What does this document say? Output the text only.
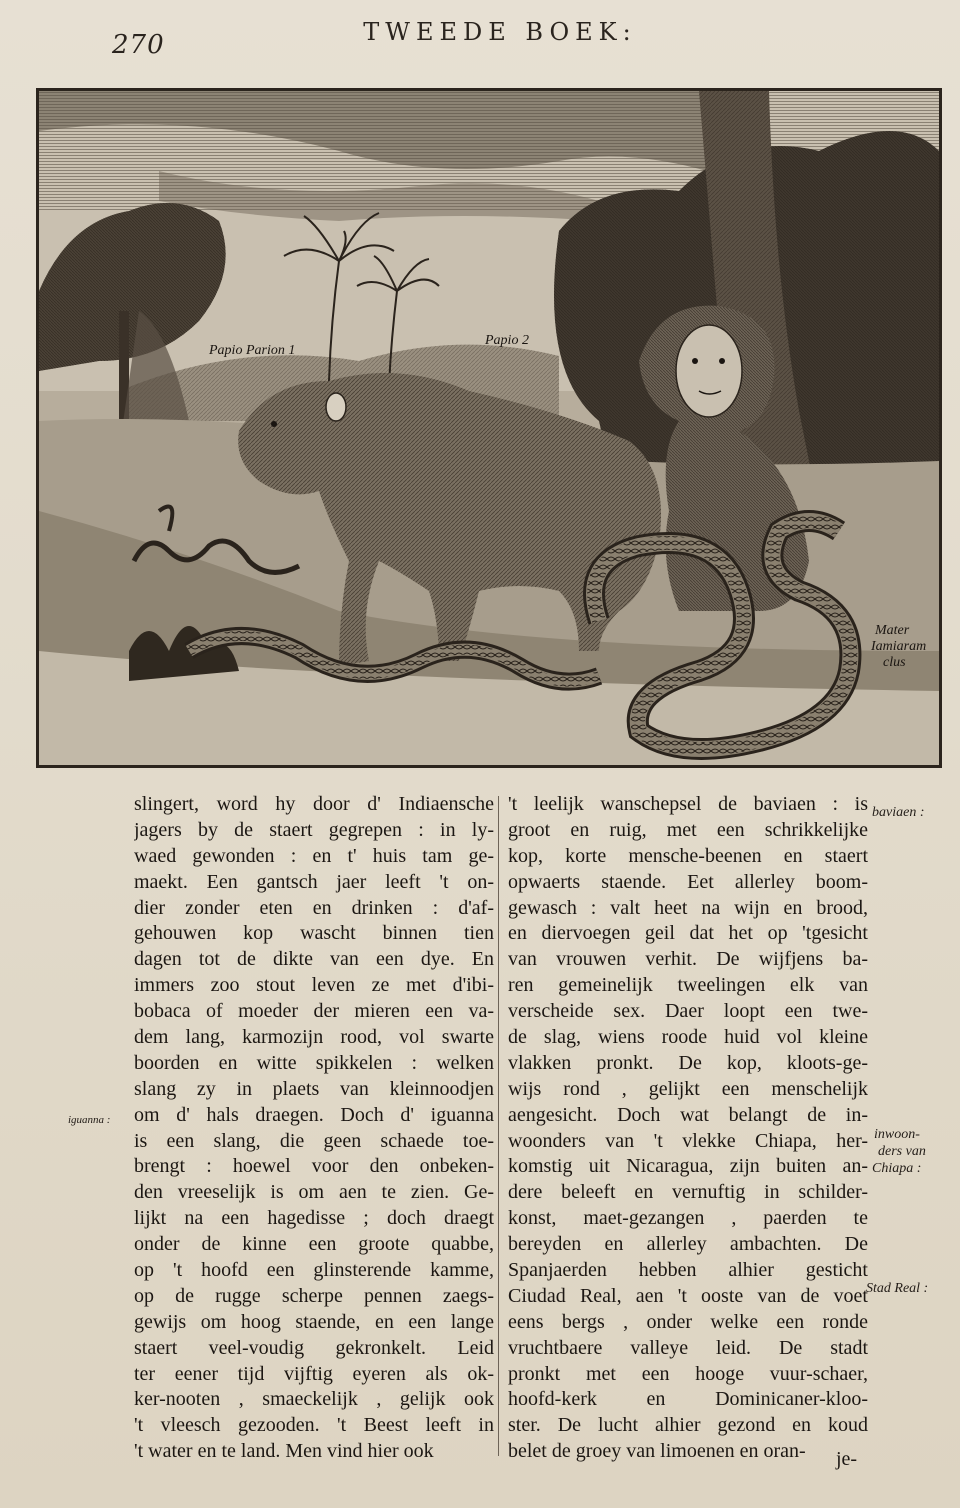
270	TWEEDE BOEK:
Papio Parion 1
Papio 2
Mater
Iamiaram
clus
slingert, word hy door d' Indiaensche
jagers by de staert gegrepen : in ly-
waed gewonden : en t' huis tam ge-
maekt. Een gantsch jaer leeft 't on-
dier zonder eten en drinken : d'af-
gehouwen kop wascht binnen tien
dagen tot de dikte van een dye. En
immers zoo stout leven ze met d'ibi-
bobaca of moeder der mieren een va-
dem lang, karmozijn rood, vol swarte
boorden en witte spikkelen : welken
slang zy in plaets van kleinnoodjen
om d' hals draegen. Doch d' iguanna
is een slang, die geen schaede toe-
brengt : hoewel voor den onbeken-
den vreeselijk is om aen te zien. Ge-
lijkt na een hagedisse ; doch draegt
onder de kinne een groote quabbe,
op 't hoofd een glinsterende kamme,
op de rugge scherpe pennen zaegs-
gewijs om hoog staende, en een lange
staert veel-voudig gekronkelt. Leid
ter eener tijd vijftig eyeren als ok-
ker-nooten , smaeckelijk , gelijk ook
't vleesch gezooden. 't Beest leeft in
't water en te land. Men vind hier ook
't leelijk wanschepsel de baviaen : is
groot en ruig, met een schrikkelijke
kop, korte mensche-beenen en staert
opwaerts staende. Eet allerley boom-
gewasch : valt heet na wijn en brood,
en diervoegen geil dat het op 'tgesicht
van vrouwen verhit. De wijfjens ba-
ren gemeinelijk tweelingen elk van
verscheide sex. Daer loopt een twe-
de slag, wiens roode huid vol kleine
vlakken pronkt. De kop, kloots-ge-
wijs rond , gelijkt een menschelijk
aengesicht. Doch wat belangt de in-
woonders van 't vlekke Chiapa, her-
komstig uit Nicaragua, zijn buiten an-
dere beleeft en vernuftig in schilder-
konst, maet-gezangen , paerden te
bereyden en allerley ambachten. De
Spanjaerden hebben alhier gesticht
Ciudad Real, aen 't ooste van de voet
eens bergs , onder welke een ronde
vruchtbaere valleye leid. De stadt
pronkt met een hooge vuur-schaer,
hoofd-kerk en Dominicaner-kloo-
ster. De lucht alhier gezond en koud
belet de groey van limoenen en oran-	je-
baviaen :
iguanna :
inwoon-
ders van
Chiapa :
Stad Real :
